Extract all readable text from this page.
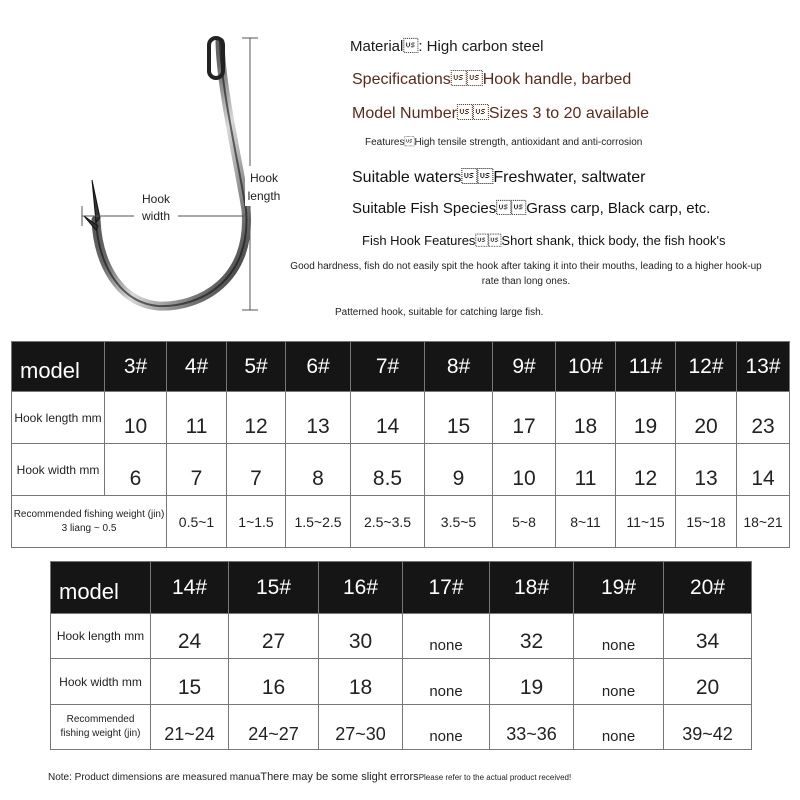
Hook
width
Hook
length
Material: High carbon steel
SpecificationsHook handle, barbed
Model NumberSizes 3 to 20 available
FeaturesHigh tensile strength, antioxidant and anti-corrosion
Suitable watersFreshwater, saltwater
Suitable Fish SpeciesGrass carp, Black carp, etc.
Fish Hook FeaturesShort shank, thick body, the fish hook's
Good hardness, fish do not easily spit the hook after taking it into their mouths, leading to a higher hook-up rate than long ones.
Patterned hook, suitable for catching large fish.
model	3#	4#	5#	6#	7#	8#	9#	10#	11#	12#	13#
Hook length mm	10	11	12	13	14	15	17	18	19	20	23
Hook width mm	6	7	7	8	8.5	9	10	11	12	13	14
Recommended fishing weight (jin) 3 liang ~ 0.5		0.5~1	1~1.5	1.5~2.5	2.5~3.5	3.5~5	5~8	8~11	11~15	15~18	18~21
model	14#	15#	16#	17#	18#	19#	20#
Hook length mm	24	27	30	none	32	none	34
Hook width mm	15	16	18	none	19	none	20
Recommended fishing weight (jin)	21~24	24~27	27~30	none	33~36	none	39~42
Note: Product dimensions are measured manuaThere may be some slight errorsPlease refer to the actual product received!
